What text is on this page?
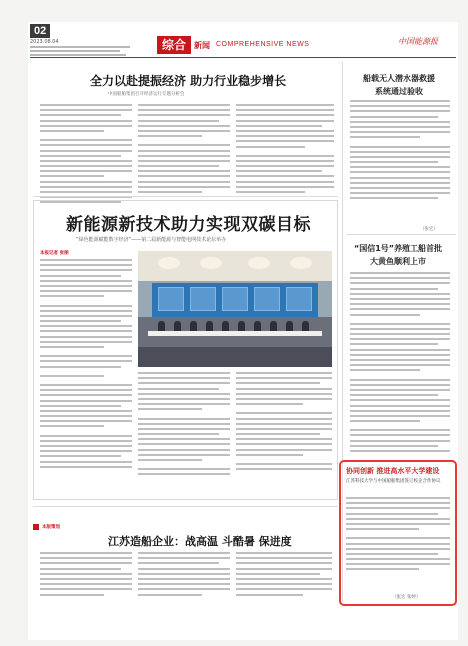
02
2023.08.04	综合	新闻 COMPREHENSIVE NEWS	中国能源报
全力以赴提振经济 助力行业稳步增长
中国船舶集团召开经济运行专题分析会
新能源新技术助力实现双碳目标
“绿色能源赋能数字经济”——第二届新能源与智能电网技术论坛举办
本报记者 张丽
船载无人潜水器救援系统通过验收
（张宏）
“国信1号”养殖工船首批大黄鱼顺利上市
协同创新 推进高水平大学建设
江苏科技大学与中国船舶集团签订校企合作协议
（张宏 张婷）
本版策划
江苏造船企业：战高温 斗酷暑 保进度
